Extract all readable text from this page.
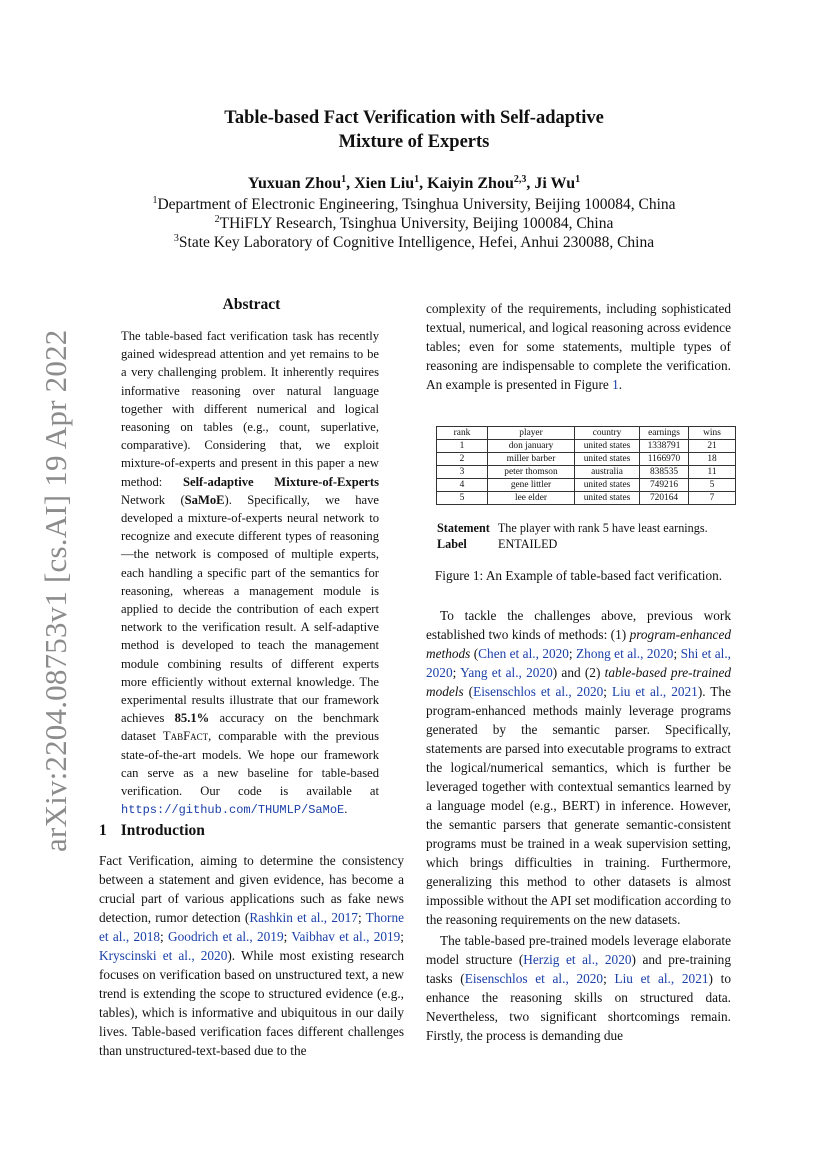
arXiv:2204.08753v1 [cs.AI] 19 Apr 2022
Table-based Fact Verification with Self-adaptive
Mixture of Experts
Yuxuan Zhou$^1$, Xien Liu$^1$, Kaiyin Zhou$^{2,3}$, Ji Wu$^1$
$^1$Department of Electronic Engineering, Tsinghua University, Beijing 100084, China
$^2$THiFLY Research, Tsinghua University, Beijing 100084, China
$^3$State Key Laboratory of Cognitive Intelligence, Hefei, Anhui 230088, China
Abstract
The table-based fact verification task has recently gained widespread attention and yet remains to be a very challenging problem. It inherently requires informative reasoning over natural language together with different numerical and logical reasoning on tables (e.g., count, superlative, comparative). Considering that, we exploit mixture-of-experts and present in this paper a new method: Self-adaptive Mixture-of-Experts Network (SaMoE). Specifically, we have developed a mixture-of-experts neural network to recognize and execute different types of reasoning—the network is composed of multiple experts, each handling a specific part of the semantics for reasoning, whereas a management module is applied to decide the contribution of each expert network to the verification result. A self-adaptive method is developed to teach the management module combining results of different experts more efficiently without external knowledge. The experimental results illustrate that our framework achieves 85.1% accuracy on the benchmark dataset TabFact, comparable with the previous state-of-the-art models. We hope our framework can serve as a new baseline for table-based verification. Our code is available at https://github.com/THUMLP/SaMoE.
1 Introduction
Fact Verification, aiming to determine the consistency between a statement and given evidence, has become a crucial part of various applications such as fake news detection, rumor detection (Rashkin et al., 2017; Thorne et al., 2018; Goodrich et al., 2019; Vaibhav et al., 2019; Kryscinski et al., 2020). While most existing research focuses on verification based on unstructured text, a new trend is extending the scope to structured evidence (e.g., tables), which is informative and ubiquitous in our daily lives. Table-based verification faces different challenges than unstructured-text-based due to the
complexity of the requirements, including sophisticated textual, numerical, and logical reasoning across evidence tables; even for some statements, multiple types of reasoning are indispensable to complete the verification. An example is presented in Figure 1.
rank	player	country	earnings	wins
1	don january	united states	1338791	21
2	miller barber	united states	1166970	18
3	peter thomson	australia	838535	11
4	gene littler	united states	749216	5
5	lee elder	united states	720164	7
Statement The player with rank 5 have least earnings.
Label	ENTAILED
Figure 1: An Example of table-based fact verification.

To tackle the challenges above, previous work established two kinds of methods: (1) program-enhanced methods (Chen et al., 2020; Zhong et al., 2020; Shi et al., 2020; Yang et al., 2020) and (2) table-based pre-trained models (Eisenschlos et al., 2020; Liu et al., 2021). The program-enhanced methods mainly leverage programs generated by the semantic parser. Specifically, statements are parsed into executable programs to extract the logical/numerical semantics, which is further be leveraged together with contextual semantics learned by a language model (e.g., BERT) in inference. However, the semantic parsers that generate semantic-consistent programs must be trained in a weak supervision setting, which brings difficulties in training. Furthermore, generalizing this method to other datasets is almost impossible without the API set modification according to the reasoning requirements on the new datasets.

The table-based pre-trained models leverage elaborate model structure (Herzig et al., 2020) and pre-training tasks (Eisenschlos et al., 2020; Liu et al., 2021) to enhance the reasoning skills on structured data. Nevertheless, two significant shortcomings remain. Firstly, the process is demanding due
